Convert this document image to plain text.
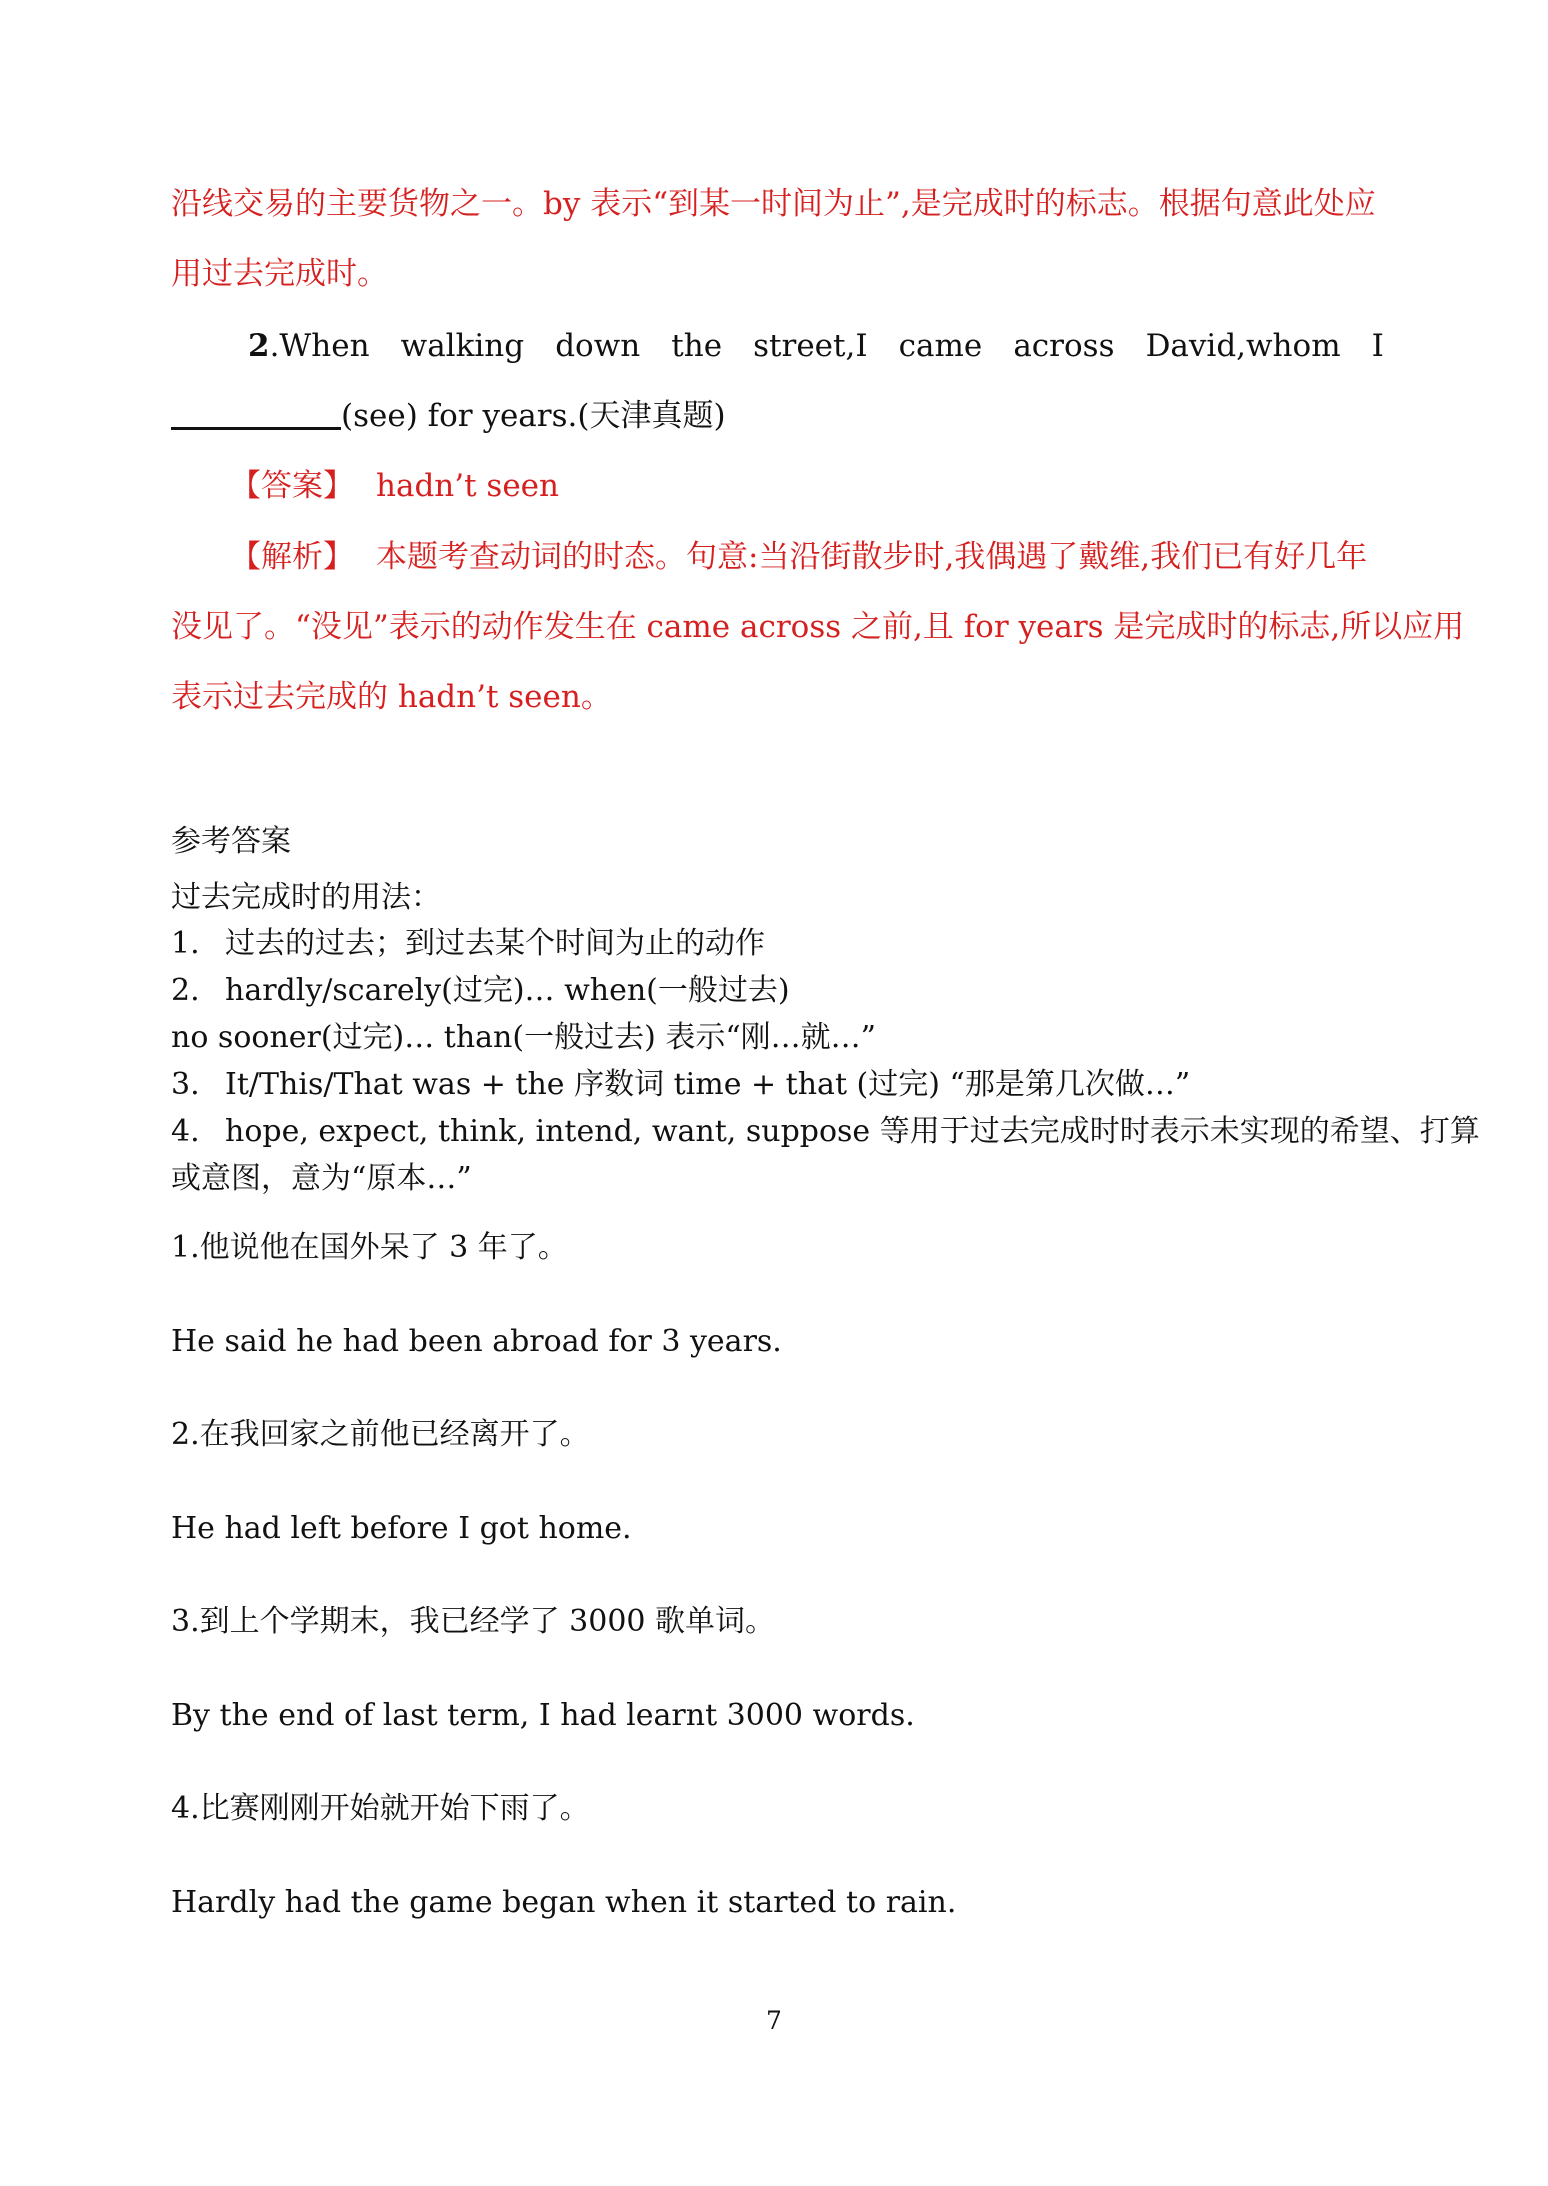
沿线交易的主要货物之一。by 表示“到某一时间为止”,是完成时的标志。根据句意此处应
用过去完成时。
2.When walking down the street,I came across David,whom I
(see) for years.(天津真题)
【答案】 hadn’t seen
【解析】 本题考查动词的时态。句意:当沿街散步时,我偶遇了戴维,我们已有好几年
没见了。“没见”表示的动作发生在 came across 之前,且 for years 是完成时的标志,所以应用
表示过去完成的 hadn’t seen。
参考答案
过去完成时的用法：
1. 过去的过去；到过去某个时间为止的动作
2. hardly/scarely(过完)… when(一般过去)
no sooner(过完)… than(一般过去) 表示“刚…就…”
3. It/This/That was + the 序数词 time + that (过完) “那是第几次做…”
4. hope, expect, think, intend, want, suppose 等用于过去完成时时表示未实现的希望、打算
或意图，意为“原本…”
1.他说他在国外呆了 3 年了。
He said he had been abroad for 3 years.
2.在我回家之前他已经离开了。
He had left before I got home.
3.到上个学期末，我已经学了 3000 歌单词。
By the end of last term, I had learnt 3000 words.
4.比赛刚刚开始就开始下雨了。
Hardly had the game began when it started to rain.
7
